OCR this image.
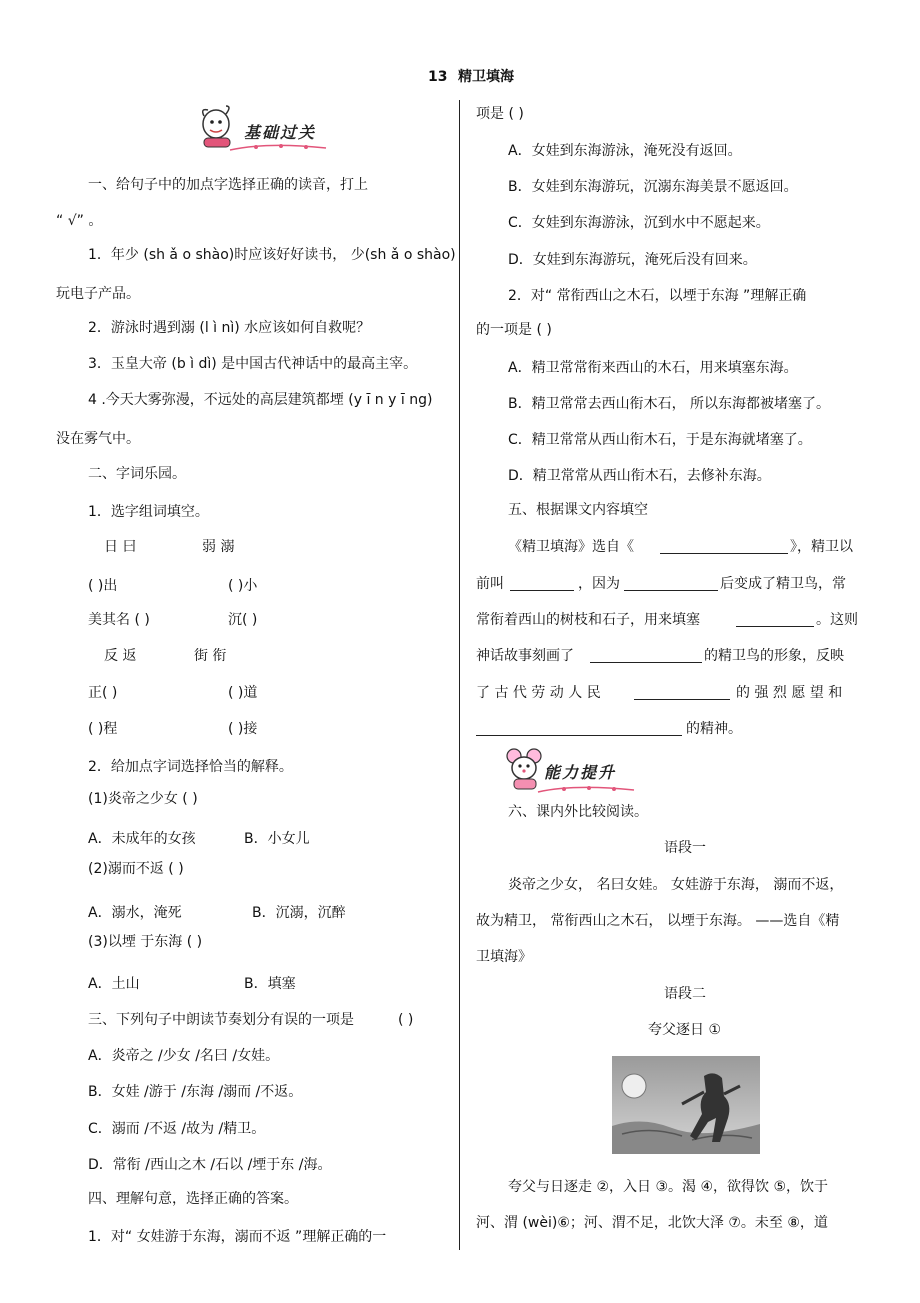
13 精卫填海
基础过关
一、给句子中的加点字选择正确的读音，打上
“ √” 。
1．年少 (sh ǎ o shào)时应该好好读书， 少(sh ǎ o shào)
玩电子产品。
2．游泳时遇到溺 (l ì nì) 水应该如何自救呢？
3．玉皇大帝 (b ì dì) 是中国古代神话中的最高主宰。
4 .今天大雾弥漫，不远处的高层建筑都堙 (y ī n y ī ng)
没在雾气中。
二、字词乐园。
1．选字组词填空。
日 曰	弱 溺
( )出	( )小
美其名 ( )	沉( )
反 返	街 衔
正( )	( )道
( )程	( )接
2．给加点字词选择恰当的解释。
(1)炎帝之少女 ( )
A．未成年的女孩	B．小女儿
(2)溺而不返 ( )
A．溺水，淹死	B．沉溺，沉醉
(3)以堙 于东海 ( )
A．土山	B．填塞
三、下列句子中朗读节奏划分有误的一项是	( )
A．炎帝之 /少女 /名曰 /女娃。
B．女娃 /游于 /东海 /溺而 /不返。
C．溺而 /不返 /故为 /精卫。
D．常衔 /西山之木 /石以 /堙于东 /海。
四、理解句意，选择正确的答案。
1．对“ 女娃游于东海，溺而不返 ”理解正确的一
项是 ( )
A．女娃到东海游泳，淹死没有返回。
B．女娃到东海游玩，沉溺东海美景不愿返回。
C．女娃到东海游泳，沉到水中不愿起来。
D．女娃到东海游玩，淹死后没有回来。
2．对“ 常衔西山之木石，以堙于东海 ”理解正确
的一项是 ( )
A．精卫常常衔来西山的木石，用来填塞东海。
B．精卫常常去西山衔木石， 所以东海都被堵塞了。
C．精卫常常从西山衔木石，于是东海就堵塞了。
D．精卫常常从西山衔木石，去修补东海。
五、根据课文内容填空
《精卫填海》选自《	》，精卫以
前叫	，因为	后变成了精卫鸟，常
常衔着西山的树枝和石子，用来填塞	。这则
神话故事刻画了	的精卫鸟的形象，反映
了 古 代 劳 动 人 民	的 强 烈 愿 望 和
的精神。
能力提升
六、课内外比较阅读。
语段一
炎帝之少女， 名曰女娃。 女娃游于东海， 溺而不返，
故为精卫， 常衔西山之木石， 以堙于东海。 ——选自《精
卫填海》
语段二
夸父逐日 ①
夸父与日逐走 ②，入日 ③。渴 ④，欲得饮 ⑤，饮于
河、渭 (wèi)⑥；河、渭不足，北饮大泽 ⑦。未至 ⑧，道
